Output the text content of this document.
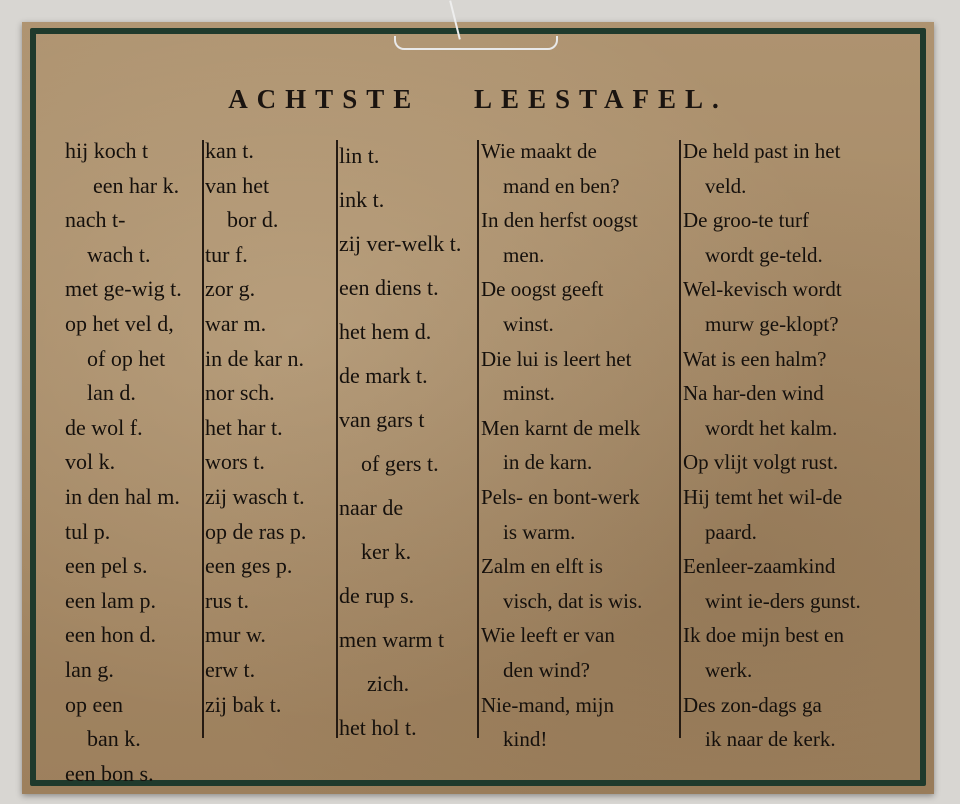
ACHTSTE LEESTAFEL.
hij koch t
een har k.
nach t-
wach t.
met ge-wig t.
op het vel d,
of op het
lan d.
de wol f.
vol k.
in den hal m.
tul p.
een pel s.
een lam p.
een hon d.
lan g.
op een
ban k.
een bon s.
kan t.
van het
bor d.
tur f.
zor g.
war m.
in de kar n.
nor sch.
het har t.
wors t.
zij wasch t.
op de ras p.
een ges p.
rus t.
mur w.
erw t.
zij bak t.
lin t.
ink t.
zij ver-welk t.
een diens t.
het hem d.
de mark t.
van gars t
of gers t.
naar de
ker k.
de rup s.
men warm t
zich.
het hol t.
Wie maakt de
mand en ben?
In den herfst oogst
men.
De oogst geeft
winst.
Die lui is leert het
minst.
Men karnt de melk
in de karn.
Pels- en bont-werk
is warm.
Zalm en elft is
visch, dat is wis.
Wie leeft er van
den wind?
Nie-mand, mijn
kind!
De held past in het
veld.
De groo-te turf
wordt ge-teld.
Wel-kevisch wordt
murw ge-klopt?
Wat is een halm?
Na har-den wind
wordt het kalm.
Op vlijt volgt rust.
Hij temt het wil-de
paard.
Eenleer-zaamkind
wint ie-ders gunst.
Ik doe mijn best en
werk.
Des zon-dags ga
ik naar de kerk.
